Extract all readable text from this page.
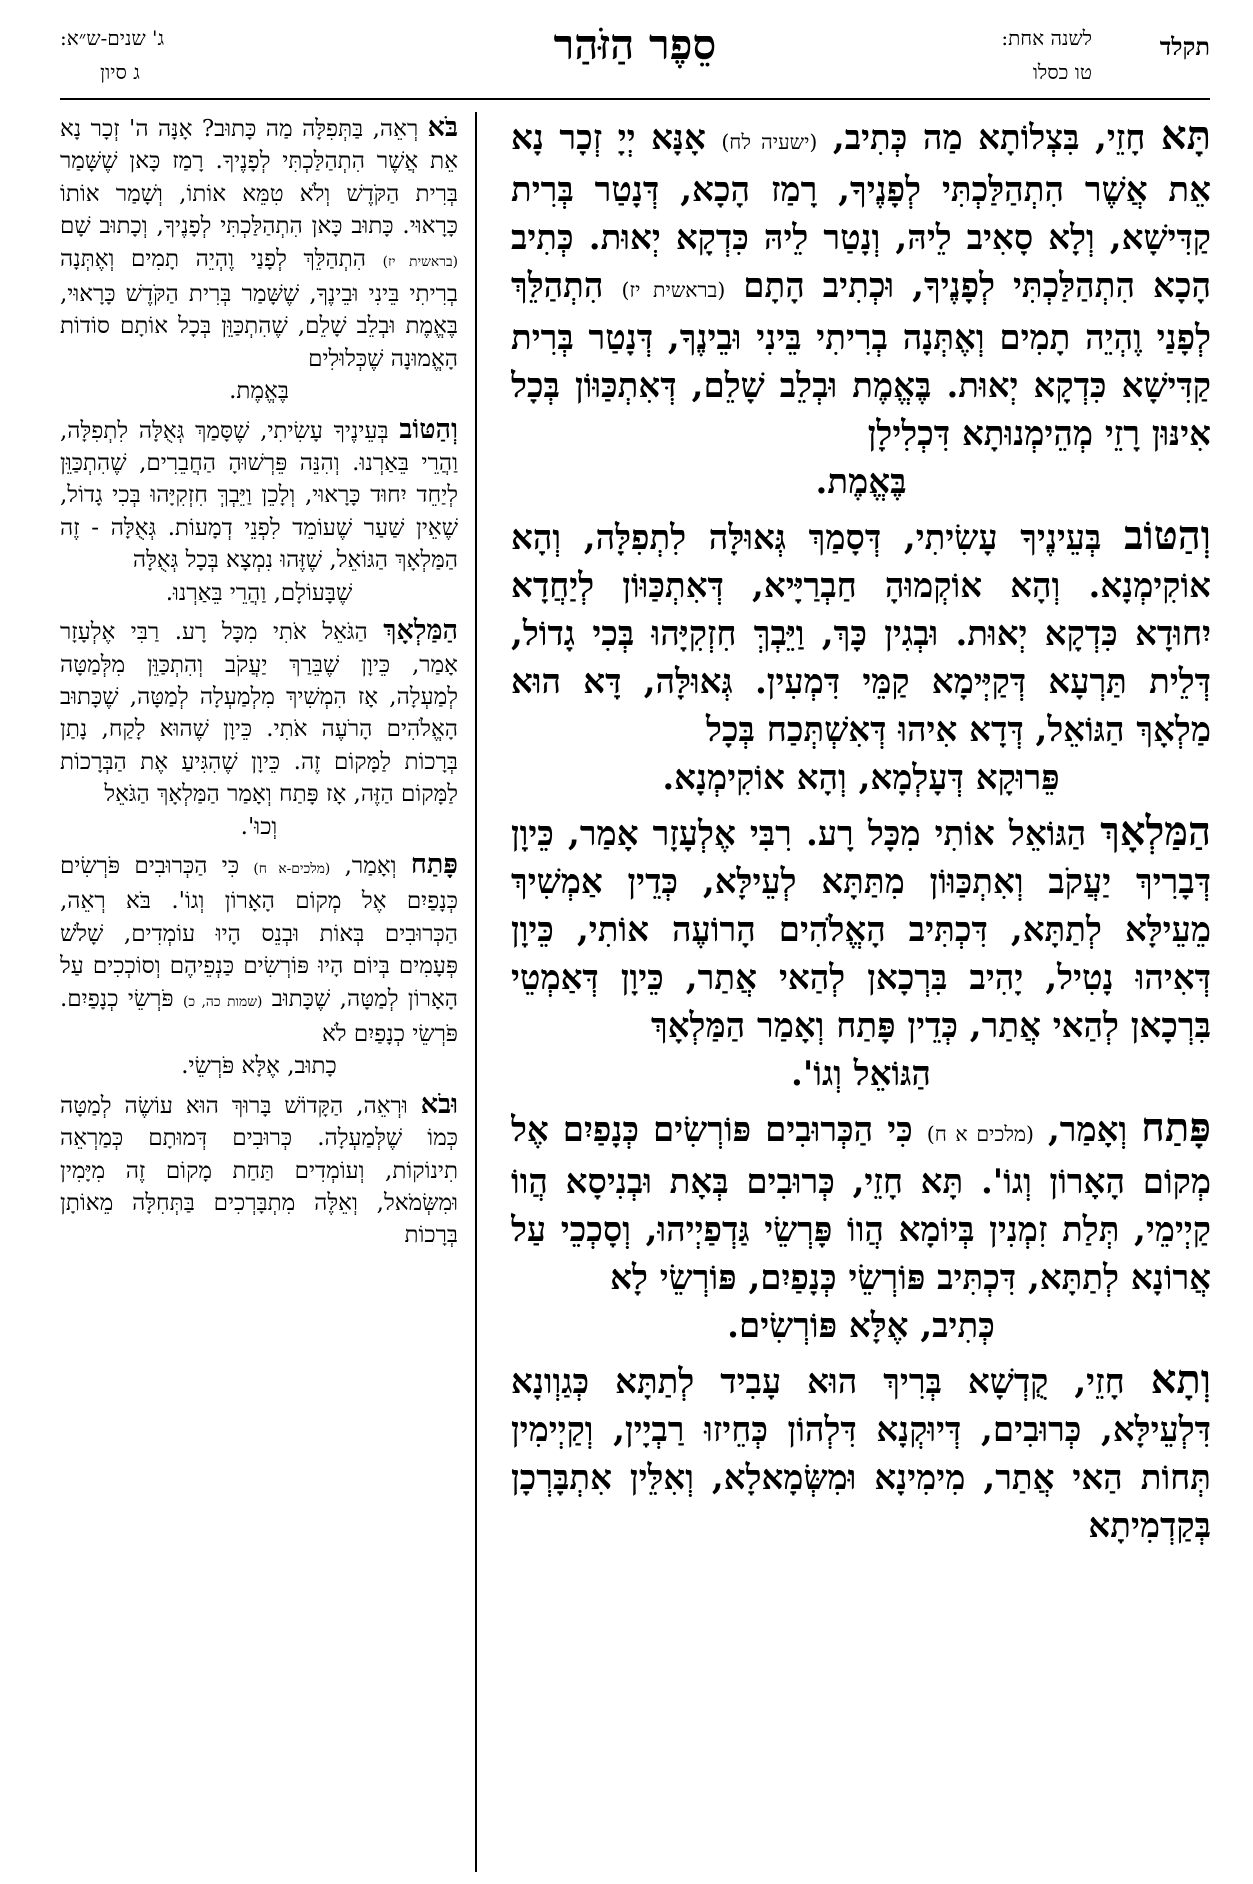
תקלד
לשנה אחת:
טו כסלו
סֵפֶר הַזֹּהַר
ג' שנים-ש״א:
ג סיון

תָּא חָזֵי, בִּצְלוֹתָא מַה כְּתִיב, (ישעיה לח) אָנָּא יְיָ זְכָר נָא אֵת אֲשֶׁר הִתְהַלַּכְתִּי לְפָנֶיךָ, רָמַז הָכָא, דְּנָטַר בְּרִית קַדִּישָׁא, וְלָא סָאִיב לֵיהּ, וְנָטַר לֵיהּ כִּדְקָא יְאוּת. כְּתִיב הָכָא הִתְהַלַּכְתִּי לְפָנֶיךָ, וּכְתִיב הָתָם (בראשית יז) הִתְהַלֵּךְ לְפָנַי וֶהְיֵה תָמִים וְאֶתְּנָה בְרִיתִי בֵּינִי וּבֵינֶךָ, דְּנָטַר בְּרִית קַדִּישָׁא כִּדְקָא יְאוּת. בֶּאֱמֶת וּבְלֵב שָׁלֵם, דְּאִתְכַּוּוֹן בְּכָל אִינּוּן רָזֵי מְהֵימְנוּתָא דִּכְלִילָן
בֶּאֱמֶת.

וְהַטּוֹב בְּעֵינֶיךָ עָשִׂיתִי, דְּסָמַךְ גְּאוּלָּה לִתְפִלָּה, וְהָא אוֹקִימְנָא. וְהָא אוֹקְמוּהָ חַבְרַיָּיא, דְּאִתְכַּוּוֹן לְיַחֲדָא יִחוּדָא כִּדְקָא יְאוּת. וּבְגִין כָּךְ, וַיֵּבְךְּ חִזְקִיָּהוּ בְּכִי גָדוֹל, דְּלֵית תַּרְעָא דְּקַיְּימָא קַמֵּי דִּמְעִין. גְּאוּלָּה, דָּא הוּא מַלְאָךְ הַגּוֹאֵל, דְּדָא אִיהוּ דְּאִשְׁתְּכַח בְּכָל
פֵּרוּקָא דְּעָלְמָא, וְהָא אוֹקִימְנָא.

הַמַּלְאָךְ הַגּוֹאֵל אוֹתִי מִכָּל רָע. רִבִּי אֶלְעָזָר אָמַר, כֵּיוָן דְּבָרִיךְ יַעֲקֹב וְאִתְכַּוּוֹן מִתַּתָּא לְעֵילָּא, כְּדֵין אַמְשִׁיךְ מֵעֵילָּא לְתַתָּא, דִּכְתִּיב הָאֱלֹהִים הָרוֹעֶה אוֹתִי, כֵּיוָן דְּאִיהוּ נָטִיל, יָהִיב בִּרְכָאן לְהַאי אֲתַר, כֵּיוָן דְּאַמְטֵי בִּרְכָאן לְהַאי אֲתַר, כְּדֵין פָּתַח וְאָמַר הַמַּלְאָךְ
הַגּוֹאֵל וְגוֹ'.

פָּתַח וְאָמַר, (מלכים א ח) כִּי הַכְּרוּבִים פּוֹרְשִׂים כְּנָפַיִם אֶל מְקוֹם הָאָרוֹן וְגוֹ'. תָּא חָזֵי, כְּרוּבִים בְּאָת וּבְנִיסָא הֲווֹ קַיְימֵי, תְּלַת זִמְנִין בְּיוֹמָא הֲווֹ פָּרְשֵׂי גַּדְפַיְיהוּ, וְסָכְכֵי עַל אֲרוֹנָא לְתַתָּא, דִּכְתִּיב פּוֹרְשֵׂי כְּנָפַיִם, פּוֹרְשֵׂי לָא
כְּתִיב, אֶלָּא פּוֹרְשִׂים.

וְתָא חָזֵי, קֻדְשָׁא בְּרִיךְ הוּא עָבִיד לְתַתָּא כְּגַוְונָא דִּלְעֵילָּא, כְּרוּבִים, דְּיוּקְנָא דִּלְהוֹן כְּחֵיזוּ רַבְיָין, וְקַיְימִין תְּחוֹת הַאי אֲתַר, מִימִינָא וּמִשְּׂמָאלָא, וְאִלֵּין אִתְבָּרְכָן בְּקַדְמִיתָא

בֹּא רְאֵה, בַּתְּפִלָּה מַה כָּתוּב? אָנָּה ה' זְכָר נָא אֵת אֲשֶׁר הִתְהַלַּכְתִּי לְפָנֶיךָ. רָמַז כָּאן שֶׁשָּׁמַר בְּרִית הַקֹּדֶשׁ וְלֹא טִמֵּא אוֹתוֹ, וְשָׁמַר אוֹתוֹ כָּרָאוּי. כָּתוּב כָּאן הִתְהַלַּכְתִּי לְפָנֶיךָ, וְכָתוּב שָׁם (בראשית יז) הִתְהַלֵּךְ לְפָנַי וֶהְיֵה תָמִים וְאֶתְּנָה בְרִיתִי בֵּינִי וּבֵינֶךָ, שֶׁשָּׁמַר בְּרִית הַקֹּדֶשׁ כָּרָאוּי, בֶּאֱמֶת וּבְלֵב שָׁלֵם, שֶׁהִתְכַּוֵּן בְּכָל אוֹתָם סוֹדוֹת הָאֱמוּנָה שֶׁכְּלוּלִים
בֶּאֱמֶת.

וְהַטּוֹב בְּעֵינֶיךָ עָשִׂיתִי, שֶׁסָּמַךְ גְּאֻלָּה לִתְפִלָּה, וַהֲרֵי בֵּאַרְנוּ. וְהִנֵּה פֵּרְשׁוּהָ הַחֲבֵרִים, שֶׁהִתְכַּוֵּן לְיַחֵד יִחוּד כָּרָאוּי, וְלָכֵן וַיֵּבְךְּ חִזְקִיָּהוּ בְּכִי גָדוֹל, שֶׁאֵין שַׁעַר שֶׁעוֹמֵד לִפְנֵי דְמָעוֹת. גְּאֻלָּה - זֶה הַמַּלְאָךְ הַגּוֹאֵל, שֶׁזֶּהוּ נִמְצָא בְּכָל גְּאֻלָּה
שֶׁבָּעוֹלָם, וַהֲרֵי בֵּאַרְנוּ.

הַמַּלְאָךְ הַגֹּאֵל אֹתִי מִכָּל רָע. רַבִּי אֶלְעָזָר אָמַר, כֵּיוָן שֶׁבֵּרַךְ יַעֲקֹב וְהִתְכַּוֵּן מִלְּמַטָּה לְמַעְלָה, אָז הִמְשִׁיךְ מִלְמַעְלָה לְמַטָּה, שֶׁכָּתוּב הָאֱלֹהִים הָרֹעֶה אֹתִי. כֵּיוָן שֶׁהוּא לָקַח, נָתַן בְּרָכוֹת לַמָּקוֹם זֶה. כֵּיוָן שֶׁהִגִּיעַ אֶת הַבְּרָכוֹת לַמָּקוֹם הַזֶּה, אָז פָּתַח וְאָמַר הַמַּלְאָךְ הַגֹּאֵל
וְכוּ'.

פָּתַח וְאָמַר, (מלכים-א ח) כִּי הַכְּרוּבִים פֹּרְשִׂים כְּנָפַיִם אֶל מְקוֹם הָאָרוֹן וְגוֹ'. בֹּא רְאֵה, הַכְּרוּבִים בְּאוֹת וּבְנֵס הָיוּ עוֹמְדִים, שָׁלֹשׁ פְּעָמִים בְּיוֹם הָיוּ פּוֹרְשִׂים כַּנְפֵיהֶם וְסוֹכְכִים עַל הָאָרוֹן לְמַטָּה, שֶׁכָּתוּב (שמות כה, כ) פֹּרְשֵׂי כְנָפַיִם. פֹּרְשֵׂי כְנָפַיִם לֹא
כָתוּב, אֶלָּא פֹּרְשֵׂי.

וּבֹא וּרְאֵה, הַקָּדוֹשׁ בָּרוּךְ הוּא עוֹשֶׂה לְמַטָּה כְּמוֹ שֶׁלְּמַעְלָה. כְּרוּבִים דְּמוּתָם כְּמַרְאֵה תִינוֹקוֹת, וְעוֹמְדִים תַּחַת מָקוֹם זֶה מִיָּמִין וּמִשְּׂמֹאל, וְאֵלֶּה מִתְבָּרְכִים בַּתְּחִלָּה מֵאוֹתָן בְּרָכוֹת
